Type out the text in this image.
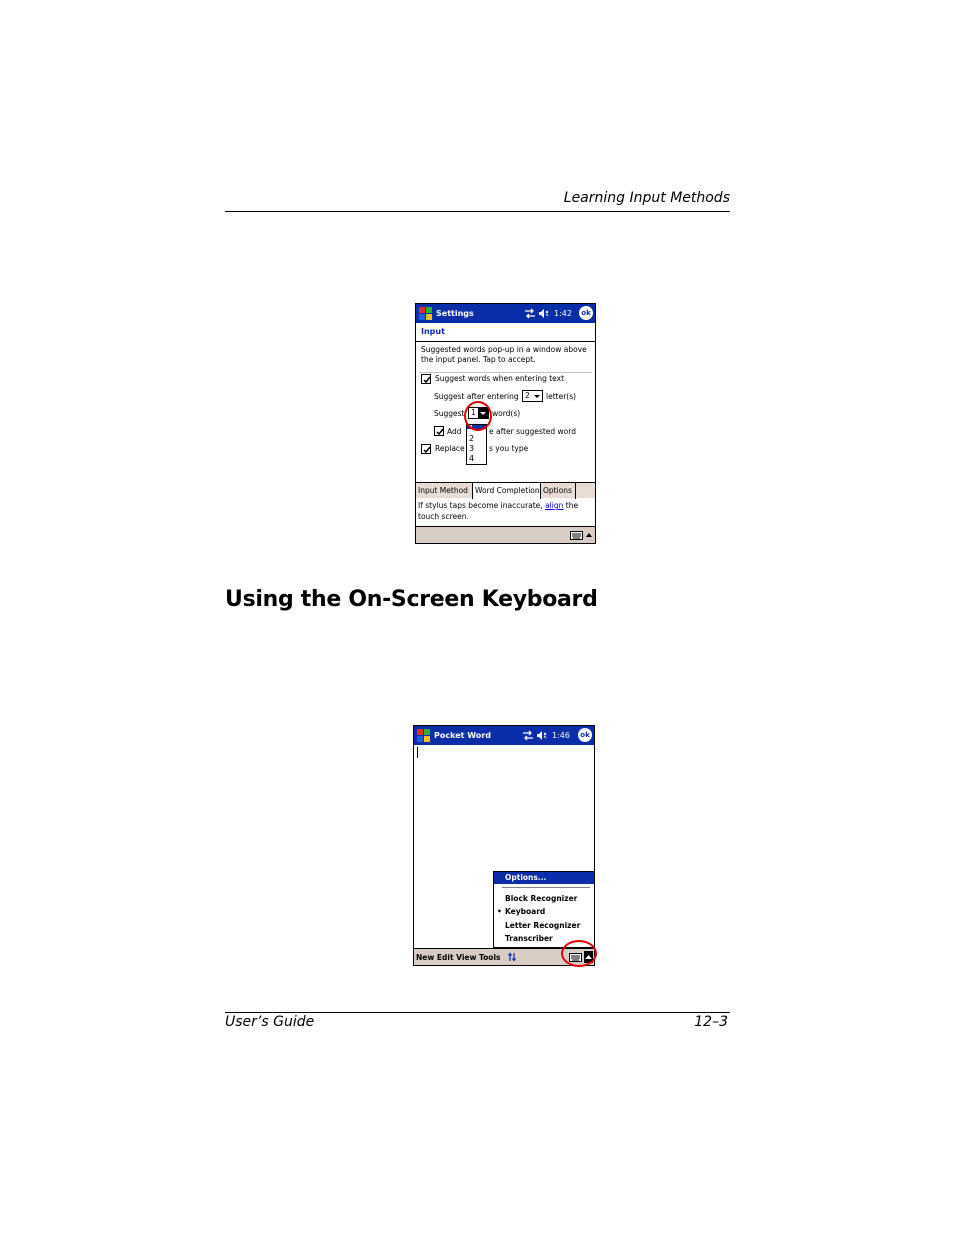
Learning Input Methods
Settings	1:42	ok
Input
Suggested words pop-up in a window above the input panel. Tap to accept.
Suggest words when entering text
Suggest after entering 2 letter(s)
Suggest 1 word(s)
Add	e after suggested word
Replace	s you type
Input Method Word Completion Options
If stylus taps become inaccurate, align the touch screen.
1
2
3
4
Using the On-Screen Keyboard
Pocket Word	1:46	ok
Options...
Block Recognizer
• Keyboard
Letter Recognizer
Transcriber
New Edit View Tools
User’s Guide	12–3
